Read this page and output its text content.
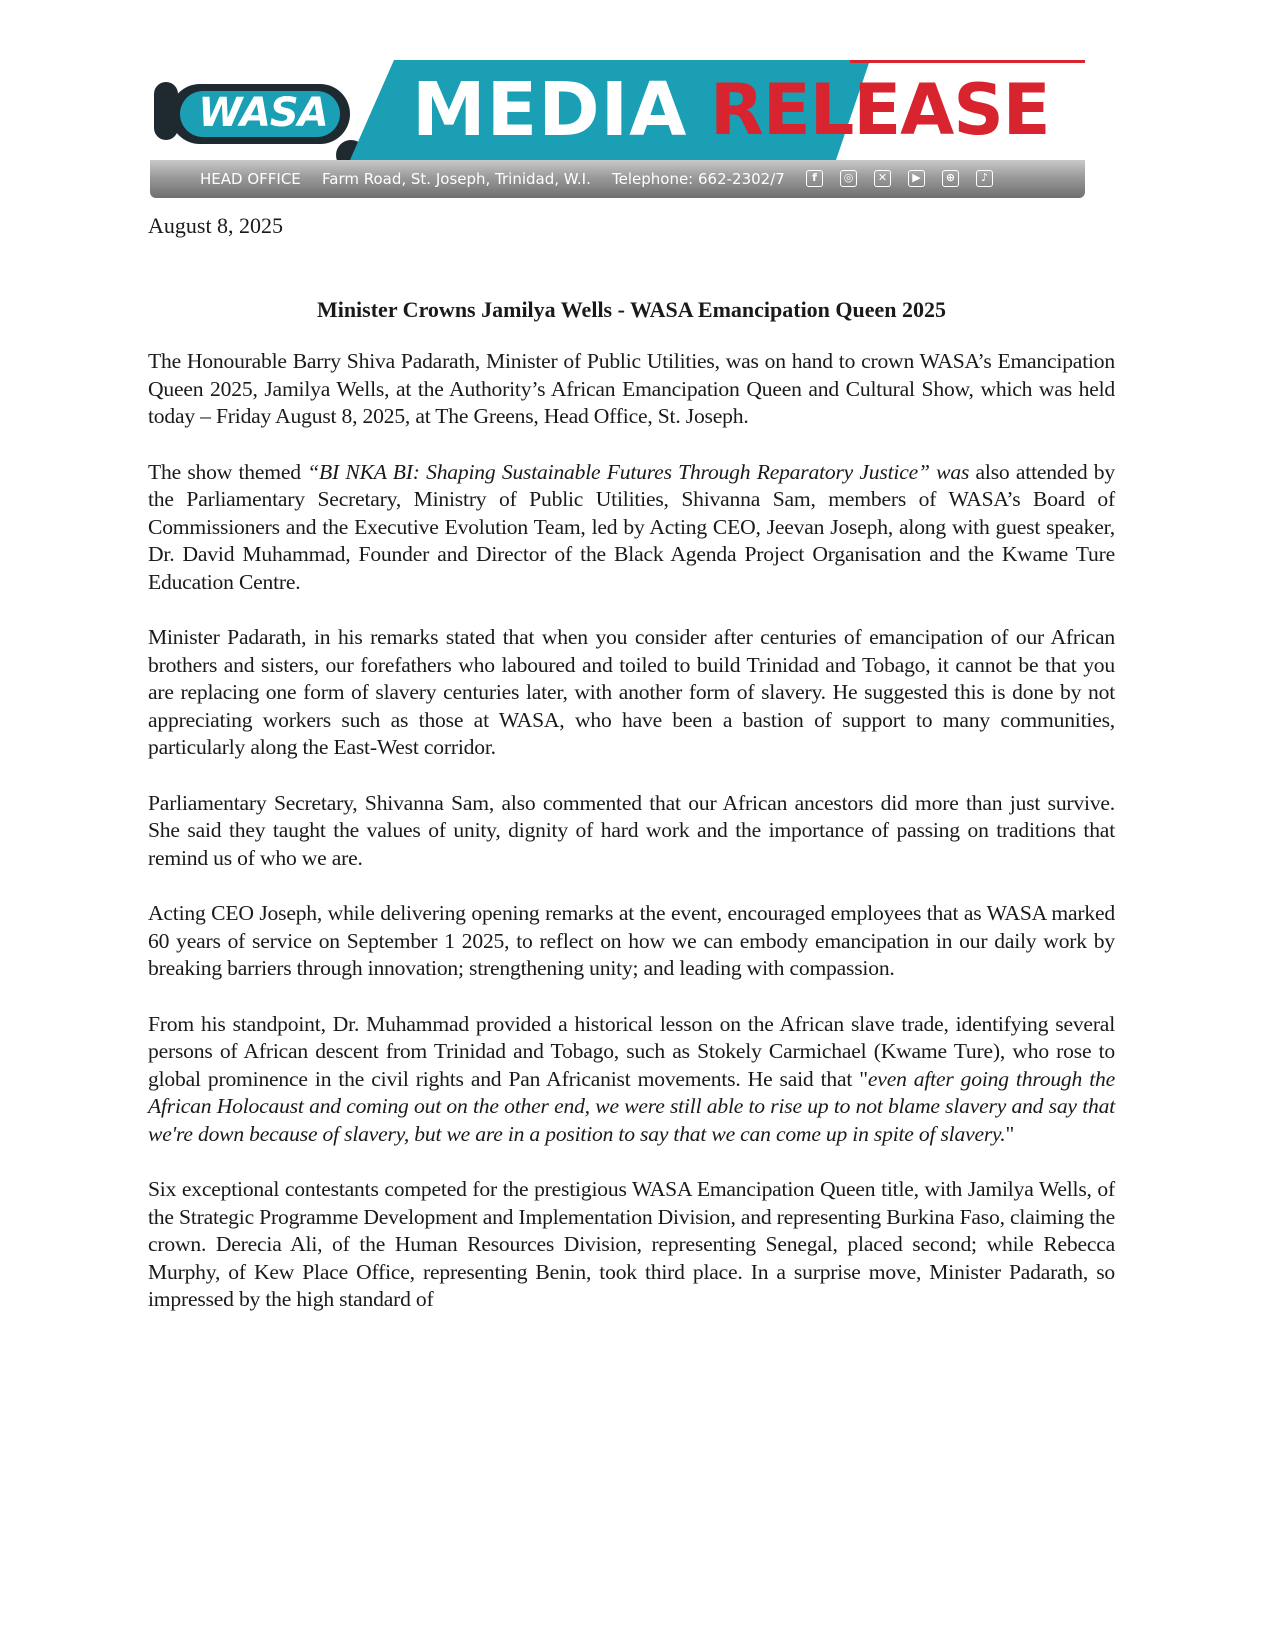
WASA MEDIA RELEASE
HEAD OFFICE Farm Road, St. Joseph, Trinidad, W.I. Telephone: 662-2302/7	f	◎	✕	▶	⊕	♪
August 8, 2025
Minister Crowns Jamilya Wells - WASA Emancipation Queen 2025

The Honourable Barry Shiva Padarath, Minister of Public Utilities, was on hand to crown WASA’s Emancipation Queen 2025, Jamilya Wells, at the Authority’s African Emancipation Queen and Cultural Show, which was held today – Friday August 8, 2025, at The Greens, Head Office, St. Joseph.

The show themed “BI NKA BI: Shaping Sustainable Futures Through Reparatory Justice” was also attended by the Parliamentary Secretary, Ministry of Public Utilities, Shivanna Sam, members of WASA’s Board of Commissioners and the Executive Evolution Team, led by Acting CEO, Jeevan Joseph, along with guest speaker, Dr. David Muhammad, Founder and Director of the Black Agenda Project Organisation and the Kwame Ture Education Centre.

Minister Padarath, in his remarks stated that when you consider after centuries of emancipation of our African brothers and sisters, our forefathers who laboured and toiled to build Trinidad and Tobago, it cannot be that you are replacing one form of slavery centuries later, with another form of slavery. He suggested this is done by not appreciating workers such as those at WASA, who have been a bastion of support to many communities, particularly along the East-West corridor.

Parliamentary Secretary, Shivanna Sam, also commented that our African ancestors did more than just survive. She said they taught the values of unity, dignity of hard work and the importance of passing on traditions that remind us of who we are.

Acting CEO Joseph, while delivering opening remarks at the event, encouraged employees that as WASA marked 60 years of service on September 1 2025, to reflect on how we can embody emancipation in our daily work by breaking barriers through innovation; strengthening unity; and leading with compassion.

From his standpoint, Dr. Muhammad provided a historical lesson on the African slave trade, identifying several persons of African descent from Trinidad and Tobago, such as Stokely Carmichael (Kwame Ture), who rose to global prominence in the civil rights and Pan Africanist movements. He said that "even after going through the African Holocaust and coming out on the other end, we were still able to rise up to not blame slavery and say that we're down because of slavery, but we are in a position to say that we can come up in spite of slavery."

Six exceptional contestants competed for the prestigious WASA Emancipation Queen title, with Jamilya Wells, of the Strategic Programme Development and Implementation Division, and representing Burkina Faso, claiming the crown. Derecia Ali, of the Human Resources Division, representing Senegal, placed second; while Rebecca Murphy, of Kew Place Office, representing Benin, took third place. In a surprise move, Minister Padarath, so impressed by the high standard of
